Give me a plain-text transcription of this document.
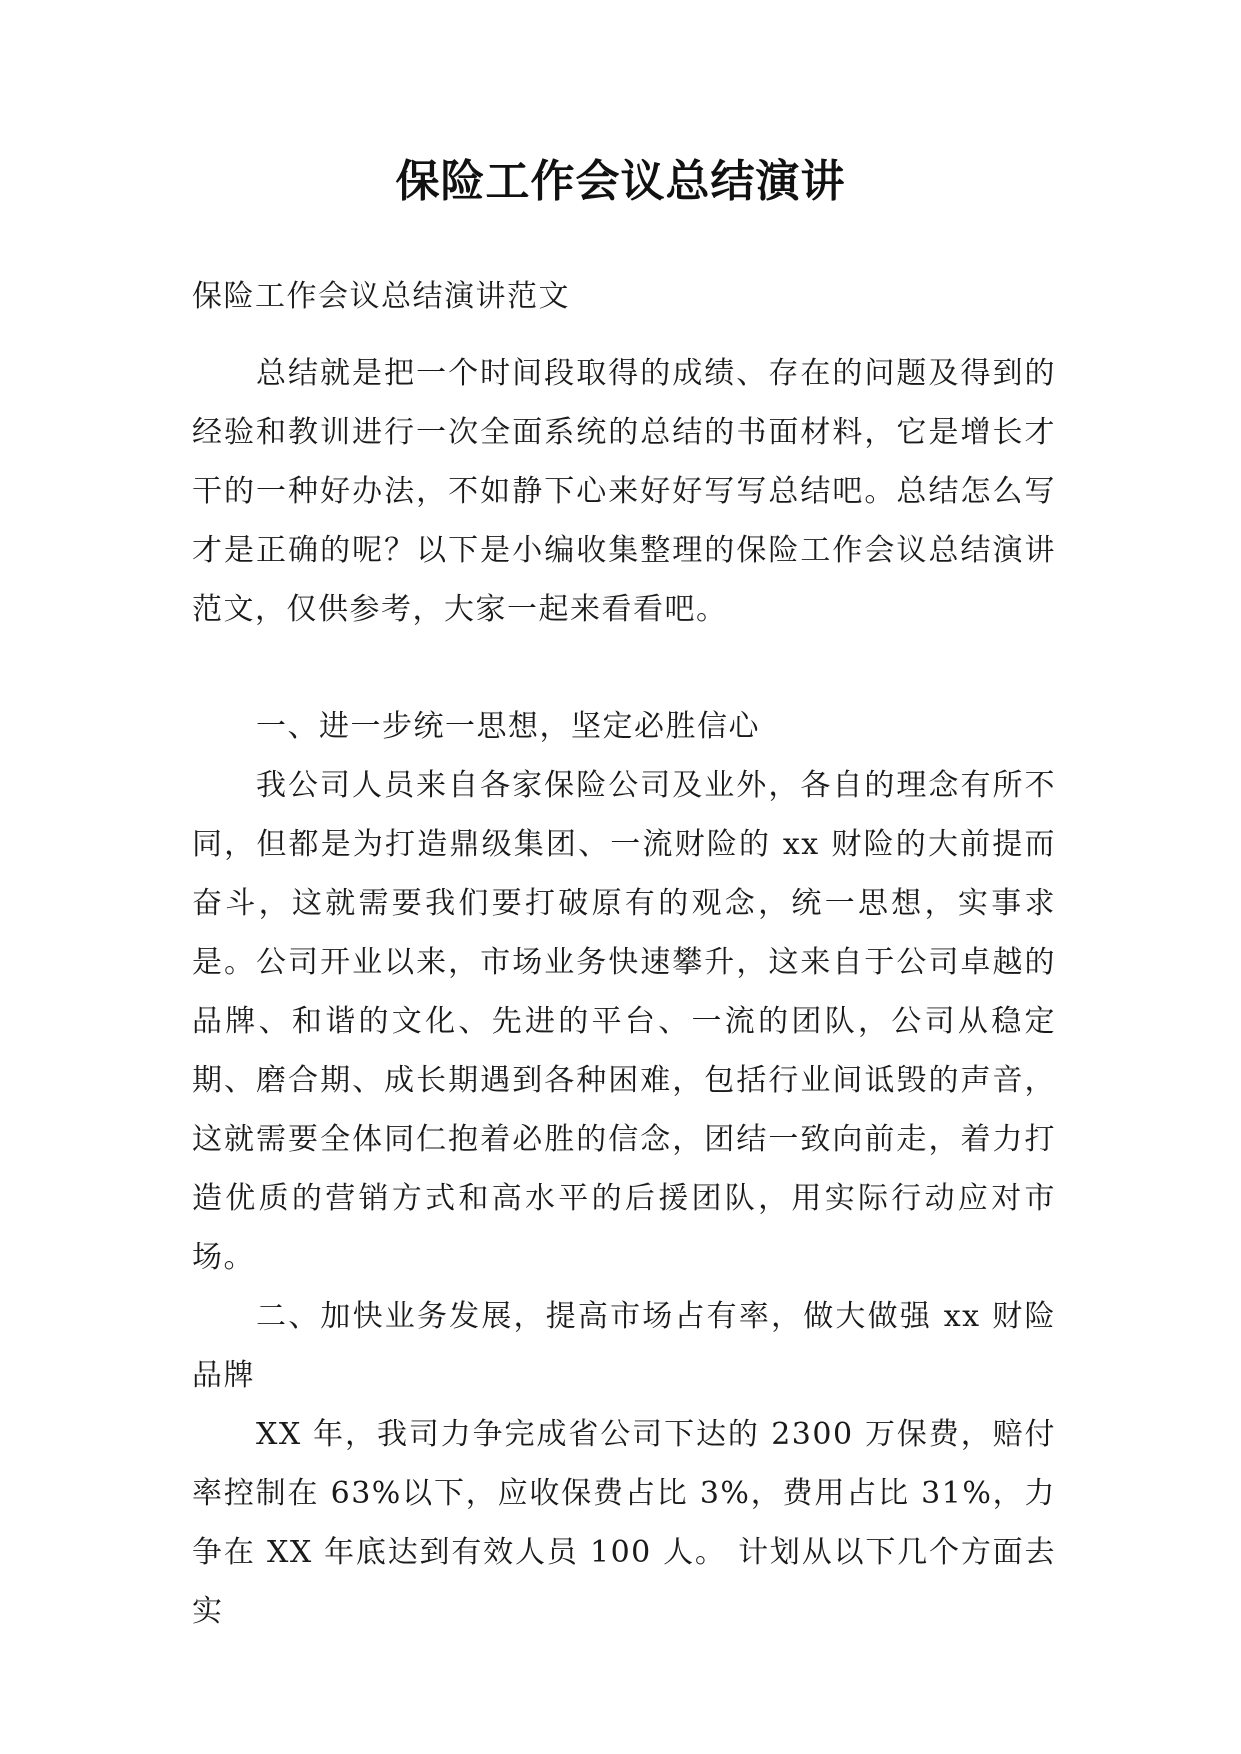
保险工作会议总结演讲
保险工作会议总结演讲范文

总结就是把一个时间段取得的成绩、存在的问题及得到的经验和教训进行一次全面系统的总结的书面材料，它是增长才干的一种好办法，不如静下心来好好写写总结吧。总结怎么写才是正确的呢？以下是小编收集整理的保险工作会议总结演讲范文，仅供参考，大家一起来看看吧。

一、进一步统一思想，坚定必胜信心

我公司人员来自各家保险公司及业外，各自的理念有所不同，但都是为打造鼎级集团、一流财险的 xx 财险的大前提而奋斗，这就需要我们要打破原有的观念，统一思想，实事求是。公司开业以来，市场业务快速攀升，这来自于公司卓越的品牌、和谐的文化、先进的平台、一流的团队，公司从稳定期、磨合期、成长期遇到各种困难，包括行业间诋毁的声音，这就需要全体同仁抱着必胜的信念，团结一致向前走，着力打造优质的营销方式和高水平的后援团队，用实际行动应对市场。

二、加快业务发展，提高市场占有率，做大做强 xx 财险品牌

XX 年，我司力争完成省公司下达的 2300 万保费，赔付率控制在 63%以下，应收保费占比 3%，费用占比 31%，力争在 XX 年底达到有效人员 100 人。 计划从以下几个方面去实
